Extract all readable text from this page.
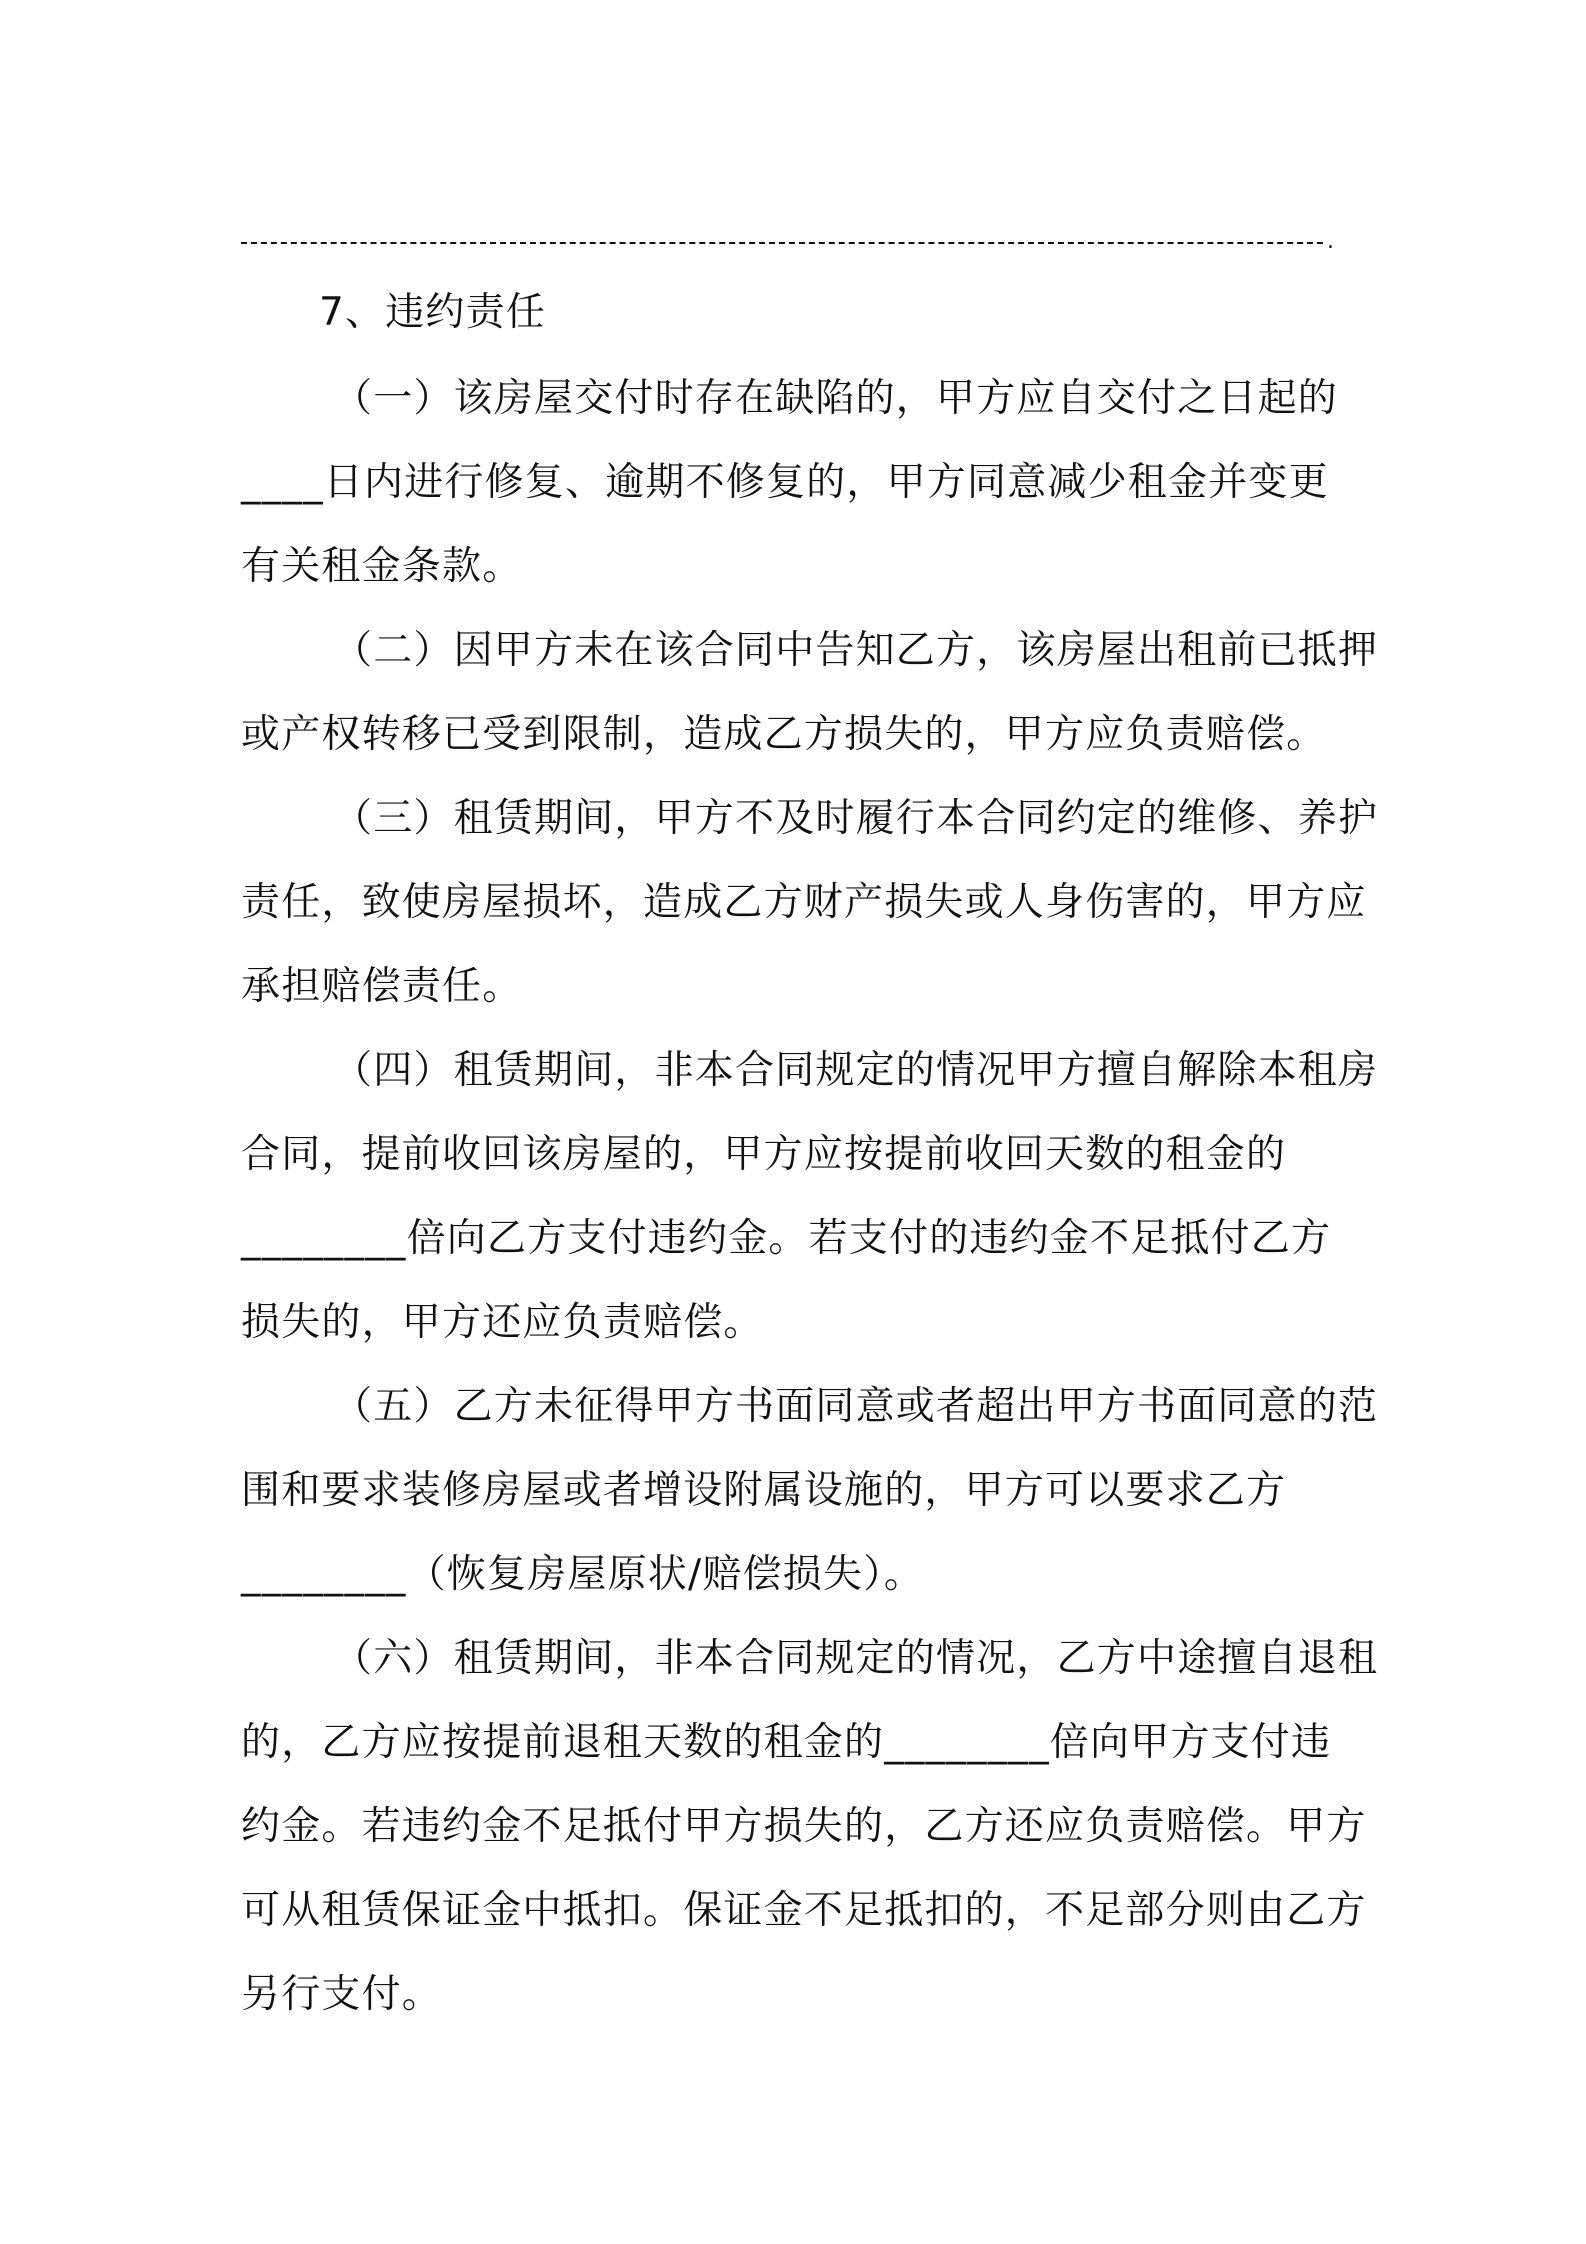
.
7、违约责任
（一）该房屋交付时存在缺陷的，甲方应自交付之日起的
____日内进行修复、逾期不修复的，甲方同意减少租金并变更
有关租金条款。
（二）因甲方未在该合同中告知乙方，该房屋出租前已抵押
或产权转移已受到限制，造成乙方损失的，甲方应负责赔偿。
（三）租赁期间，甲方不及时履行本合同约定的维修、养护
责任，致使房屋损坏，造成乙方财产损失或人身伤害的，甲方应
承担赔偿责任。
（四）租赁期间，非本合同规定的情况甲方擅自解除本租房
合同，提前收回该房屋的，甲方应按提前收回天数的租金的
________倍向乙方支付违约金。若支付的违约金不足抵付乙方
损失的，甲方还应负责赔偿。
（五）乙方未征得甲方书面同意或者超出甲方书面同意的范
围和要求装修房屋或者增设附属设施的，甲方可以要求乙方
________（恢复房屋原状/赔偿损失）。
（六）租赁期间，非本合同规定的情况，乙方中途擅自退租
的，乙方应按提前退租天数的租金的________倍向甲方支付违
约金。若违约金不足抵付甲方损失的，乙方还应负责赔偿。甲方
可从租赁保证金中抵扣。保证金不足抵扣的，不足部分则由乙方
另行支付。
